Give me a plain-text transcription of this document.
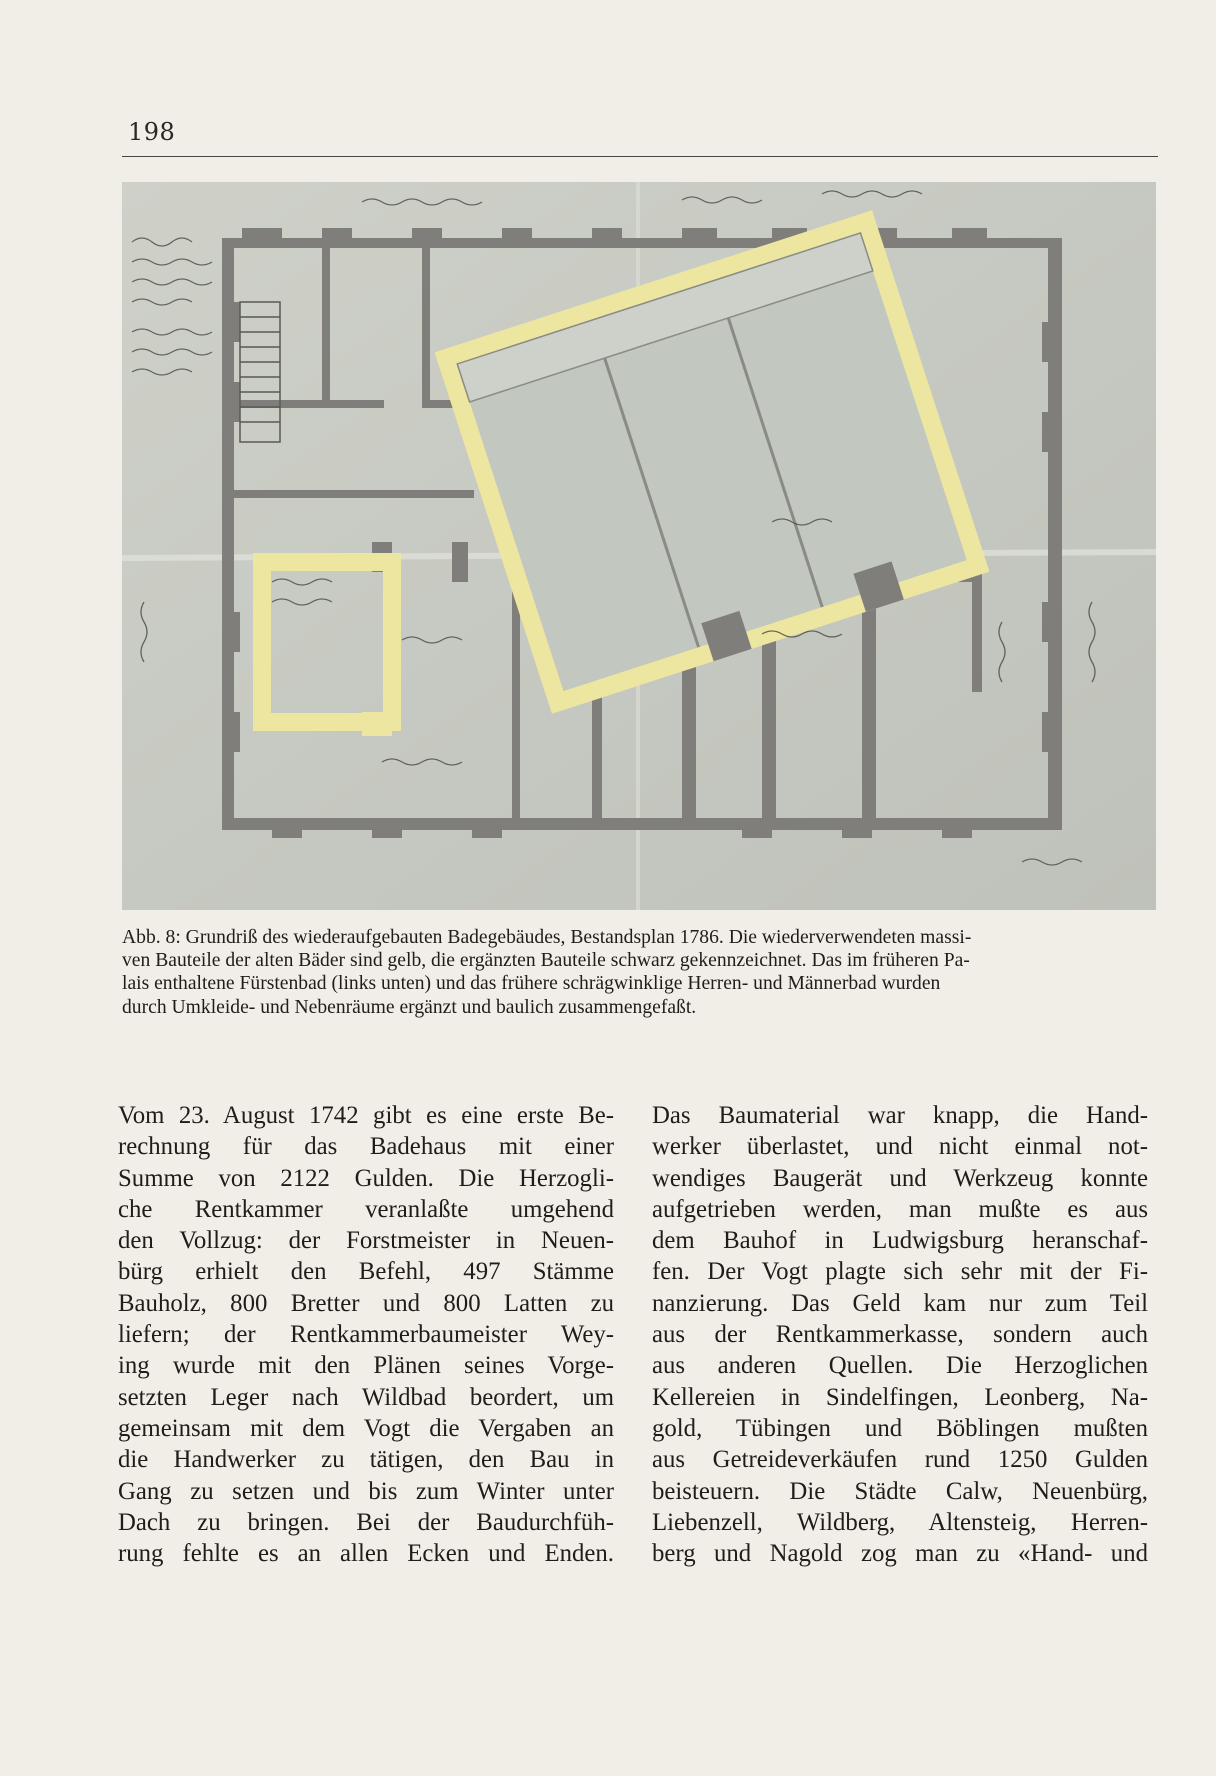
198
Abb. 8: Grundriß des wiederaufgebauten Badegebäudes, Bestandsplan 1786. Die wiederverwendeten massi-
ven Bauteile der alten Bäder sind gelb, die ergänzten Bauteile schwarz gekennzeichnet. Das im früheren Pa-
lais enthaltene Fürstenbad (links unten) und das frühere schrägwinklige Herren- und Männerbad wurden
durch Umkleide- und Nebenräume ergänzt und baulich zusammengefaßt.
Vom 23. August 1742 gibt es eine erste Be-
rechnung für das Badehaus mit einer
Summe von 2122 Gulden. Die Herzogli-
che Rentkammer veranlaßte umgehend
den Vollzug: der Forstmeister in Neuen-
bürg erhielt den Befehl, 497 Stämme
Bauholz, 800 Bretter und 800 Latten zu
liefern; der Rentkammerbaumeister Wey-
ing wurde mit den Plänen seines Vorge-
setzten Leger nach Wildbad beordert, um
gemeinsam mit dem Vogt die Vergaben an
die Handwerker zu tätigen, den Bau in
Gang zu setzen und bis zum Winter unter
Dach zu bringen. Bei der Baudurchfüh-
rung fehlte es an allen Ecken und Enden.
Das Baumaterial war knapp, die Hand-
werker überlastet, und nicht einmal not-
wendiges Baugerät und Werkzeug konnte
aufgetrieben werden, man mußte es aus
dem Bauhof in Ludwigsburg heranschaf-
fen. Der Vogt plagte sich sehr mit der Fi-
nanzierung. Das Geld kam nur zum Teil
aus der Rentkammerkasse, sondern auch
aus anderen Quellen. Die Herzoglichen
Kellereien in Sindelfingen, Leonberg, Na-
gold, Tübingen und Böblingen mußten
aus Getreideverkäufen rund 1250 Gulden
beisteuern. Die Städte Calw, Neuenbürg,
Liebenzell, Wildberg, Altensteig, Herren-
berg und Nagold zog man zu «Hand- und
